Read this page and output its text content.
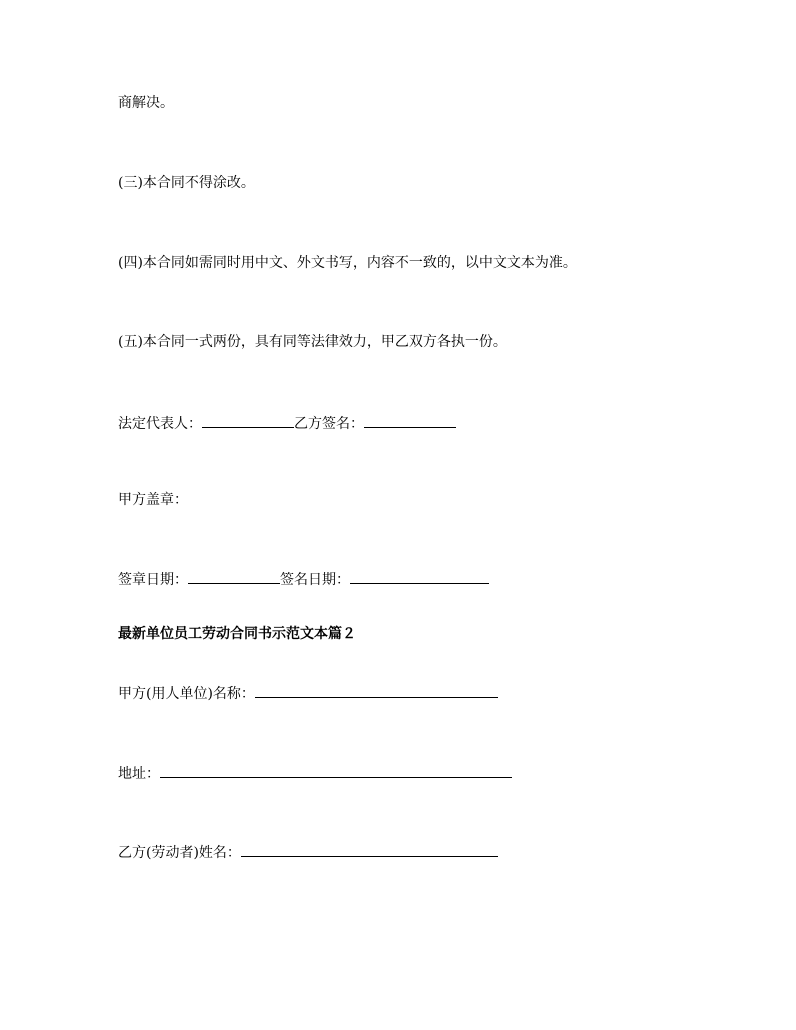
商解决。
(三)本合同不得涂改。
(四)本合同如需同时用中文、外文书写，内容不一致的，以中文文本为准。
(五)本合同一式两份，具有同等法律效力，甲乙双方各执一份。
法定代表人：	乙方签名：
甲方盖章：
签章日期：	签名日期：
最新单位员工劳动合同书示范文本篇２
甲方(用人单位)名称：
地址：
乙方(劳动者)姓名：
